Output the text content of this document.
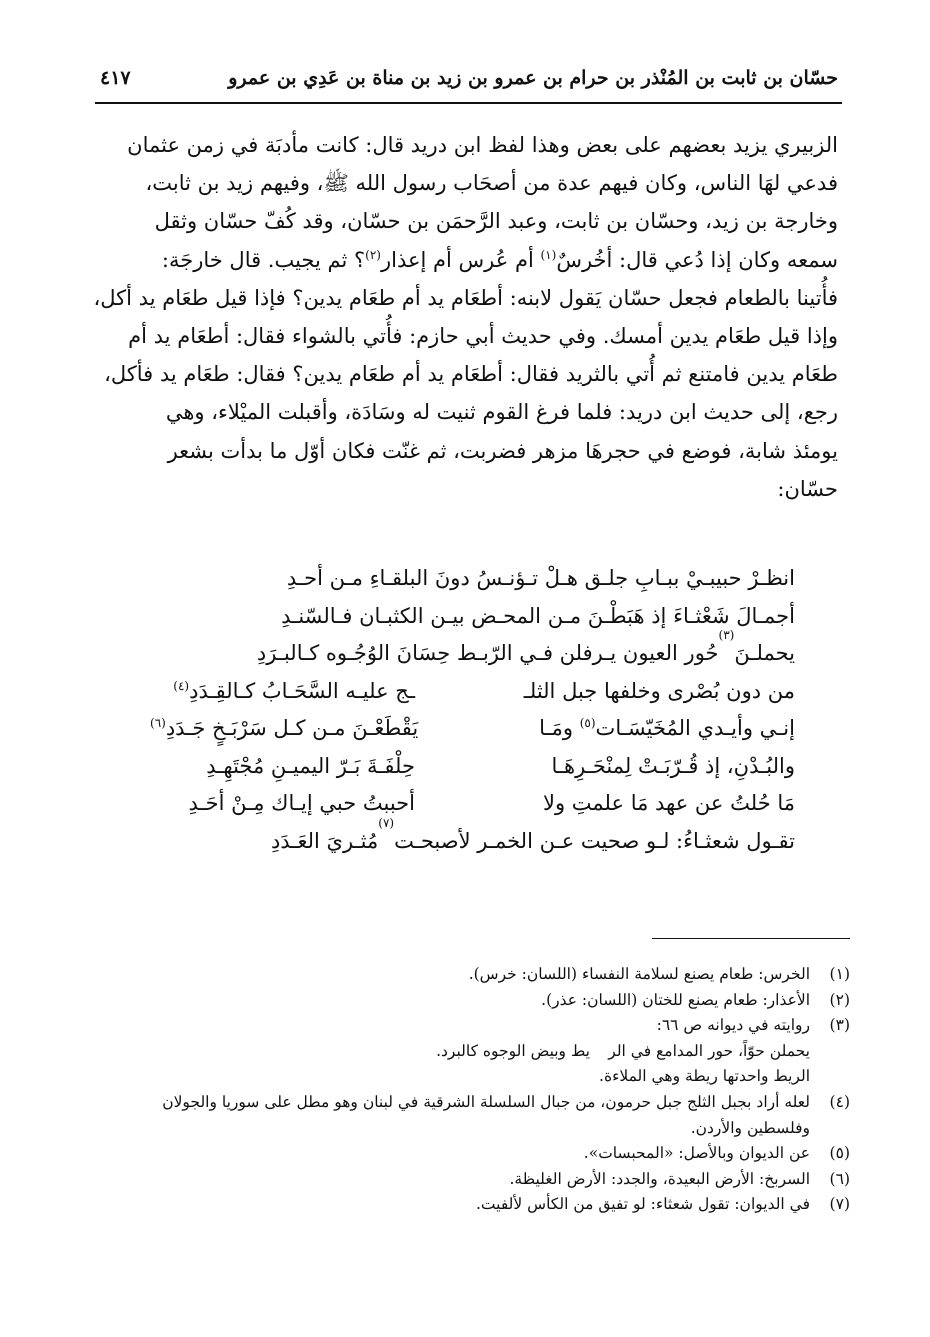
حسّان بن ثابت بن المُنْذر بن حرام بن عمرو بن زيد بن مناة بن عَدِي بن عمرو
٤١٧
الزبيري يزيد بعضهم على بعض وهذا لفظ ابن دريد قال: كانت مأدبَة في زمن عثمان
فدعي لهَا الناس، وكان فيهم عدة من أصحَاب رسول الله ﷺ، وفيهم زيد بن ثابت،
وخارجة بن زيد، وحسّان بن ثابت، وعبد الرَّحمَن بن حسّان، وقد كُفّ حسّان وثقل
سمعه وكان إذا دُعي قال: أخُرسٌ$^{(١)}$ أم عُرس أم إعذار$^{(٢)}$؟ ثم يجيب. قال خارجَة:
فأُتينا بالطعام فجعل حسّان يَقول لابنه: أطعَام يد أم طعَام يدين؟ فإذا قيل طعَام يد أكل،
وإذا قيل طعَام يدين أمسك. وفي حديث أبي حازم: فأُتي بالشواء فقال: أطعَام يد أم
طعَام يدين فامتنع ثم أُتي بالثريد فقال: أطعَام يد أم طعَام يدين؟ فقال: طعَام يد فأكل،
رجع، إلى حديث ابن دريد: فلما فرغ القوم ثنيت له وسَادَة، وأقبلت الميْلاء، وهي
يومئذ شابة، فوضع في حجرهَا مزهر فضربت، ثم غنّت فكان أوّل ما بدأت بشعر
حسّان:
انظـرْ حبيبـيْ ببـابِ جلـق هـلْ تـؤنـسُ دونَ البلقـاءِ مـن أحـدِ
أجمـالَ شَعْثـاءَ إذ هَبَطْـنَ مـن المحـض بيـن الكثبـان فـالسّنـدِ
يحملـنَ
(٣)
حُور العيون يـرفلن فـي الرّبـط حِسَانَ الوُجُـوه كـالبـرَدِ
من دون بُصْرى وخلفها جبل الثلـ
ـج عليـه السَّحَـابُ كـالقِـدَدِ$^{(٤)}$
إنـي وأيـدي المُخَيّسَـات$^{(٥)}$ ومَـا
يَقْطَعْـنَ مـن كـل سَرْبَـخٍ جَـدَدِ$^{(٦)}$
والبُـدْنِ، إذ قُـرّبَـتْ لِمنْحَـرِهَـا
حِلْفَـةَ بَـرّ اليميـنِ مُجْتَهِـدِ
مَا حُلتُ عن عهد مَا علمتِ ولا
أحببتُ حبي إيـاك مِـنْ أحَـدِ
تقـول شعثـاءُ: لـو صحيت عـن الخمـر لأصبحـت
(٧)
مُثـريَ العَـدَدِ
(١)
الخرس: طعام يصنع لسلامة النفساء (اللسان: خرس).
(٢)
الأعذار: طعام يصنع للختان (اللسان: عذر).
(٣)
روايته في ديوانه ص ٦٦:
يحملن حوّاً، حور المدامع في الر
يط وبيض الوجوه كالبرد.
الريط واحدتها ريطة وهي الملاءة.
(٤)
لعله أراد بجبل الثلج جبل حرمون، من جبال السلسلة الشرقية في لبنان وهو مطل على سوريا والجولان
وفلسطين والأردن.
(٥)
عن الديوان وبالأصل: «المحبسات».
(٦)
السربخ: الأرض البعيدة، والجدد: الأرض الغليظة.
(٧)
في الديوان: تقول شعثاء: لو تفيق من الكأس لألفيت.
